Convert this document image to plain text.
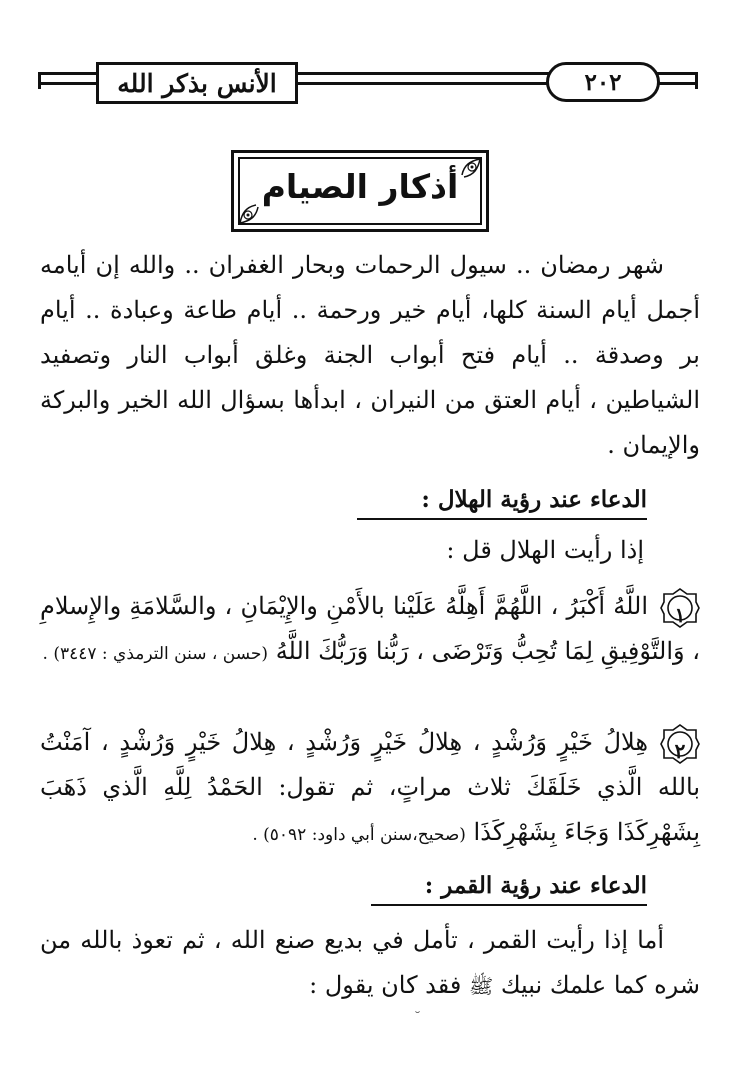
الأنس بذكر الله	٢٠٢
أذكار الصيام
شهر رمضان .. سيول الرحمات وبحار الغفران .. والله إن أيامه أجمل أيام السنة كلها، أيام خير ورحمة .. أيام طاعة وعبادة .. أيام بر وصدقة .. أيام فتح أبواب الجنة وغلق أبواب النار وتصفيد الشياطين ، أيام العتق من النيران ، ابدأها بسؤال الله الخير والبركة والإيمان .
الدعاء عند رؤية الهلال :
إذا رأيت الهلال قل :
١
اللَّهُ أَكْبَرُ ، اللَّهُمَّ أَهِلَّهُ عَلَيْنا بالأَمْنِ والإِيْمَانِ ، والسَّلامَةِ والإِسلامِ ، وَالتَّوْفِيقِ لِمَا تُحِبُّ وَتَرْضَى ، رَبُّنا وَرَبُّكَ اللَّهُ (حسن ، سنن الترمذي : ٣٤٤٧) .
٢
هِلالُ خَيْرٍ وَرُشْدٍ ، هِلالُ خَيْرٍ وَرُشْدٍ ، هِلالُ خَيْرٍ وَرُشْدٍ ، آمَنْتُ بالله الَّذي خَلَقَكَ ثلاث مراتٍ، ثم تقول: الحَمْدُ لِلَّهِ الَّذي ذَهَبَ بِشَهْرِكَذَا وَجَاءَ بِشَهْرِكَذَا (صحيح،سنن أبي داود: ٥٠٩٢) .
الدعاء عند رؤية القمر :
أما إذا رأيت القمر ، تأمل في بديع صنع الله ، ثم تعوذ بالله من شره كما علمك نبيك ﷺ فقد كان يقول :
˘
